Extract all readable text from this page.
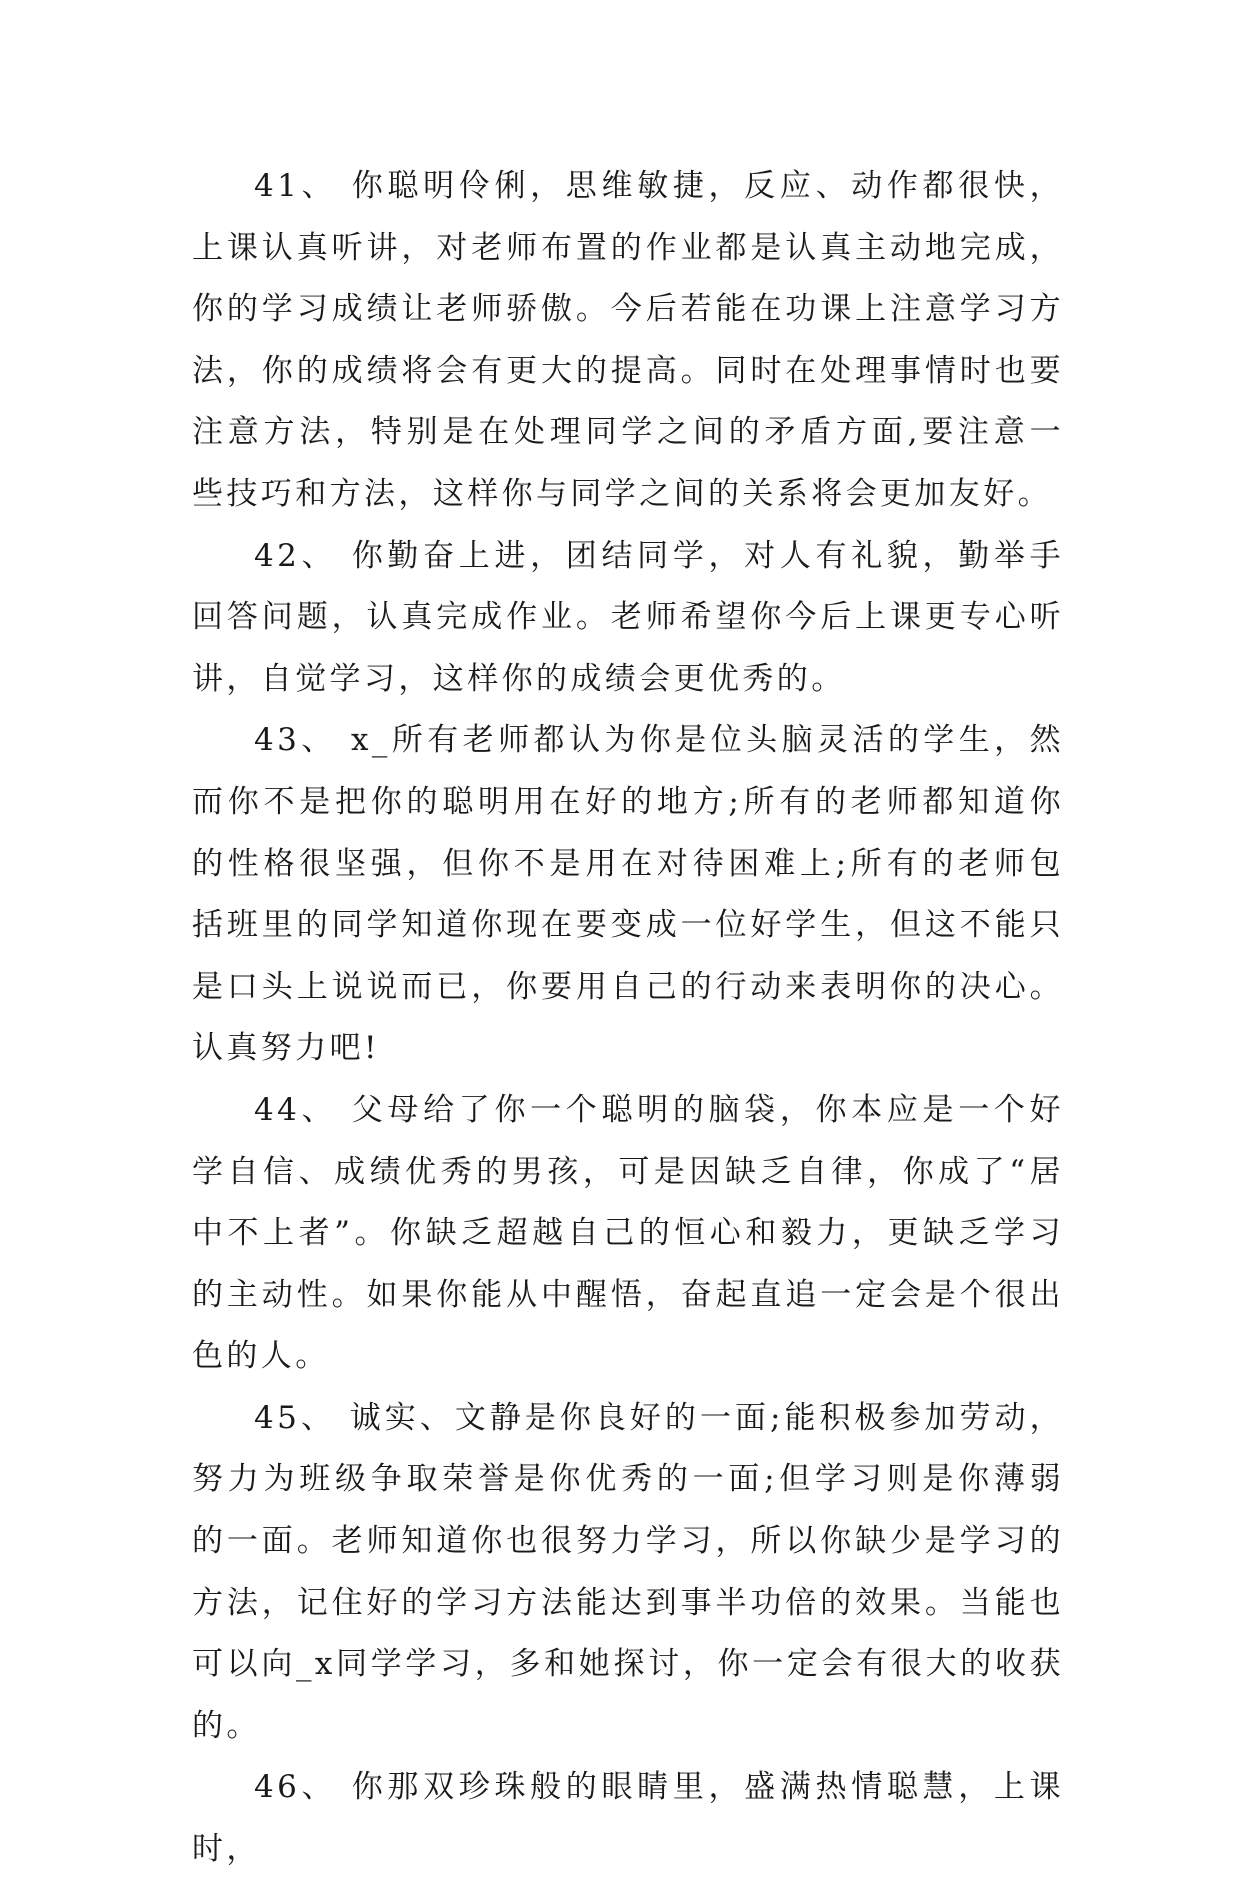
41、 你聪明伶俐，思维敏捷，反应、动作都很快，上课认真听讲，对老师布置的作业都是认真主动地完成，你的学习成绩让老师骄傲。今后若能在功课上注意学习方法，你的成绩将会有更大的提高。同时在处理事情时也要注意方法，特别是在处理同学之间的矛盾方面,要注意一些技巧和方法，这样你与同学之间的关系将会更加友好。

42、 你勤奋上进，团结同学，对人有礼貌，勤举手回答问题，认真完成作业。老师希望你今后上课更专心听讲，自觉学习，这样你的成绩会更优秀的。

43、 x_所有老师都认为你是位头脑灵活的学生，然而你不是把你的聪明用在好的地方;所有的老师都知道你的性格很坚强，但你不是用在对待困难上;所有的老师包括班里的同学知道你现在要变成一位好学生，但这不能只是口头上说说而已，你要用自己的行动来表明你的决心。认真努力吧!

44、 父母给了你一个聪明的脑袋，你本应是一个好学自信、成绩优秀的男孩，可是因缺乏自律，你成了“居中不上者”。你缺乏超越自己的恒心和毅力，更缺乏学习的主动性。如果你能从中醒悟，奋起直追一定会是个很出色的人。

45、 诚实、文静是你良好的一面;能积极参加劳动，努力为班级争取荣誉是你优秀的一面;但学习则是你薄弱的一面。老师知道你也很努力学习，所以你缺少是学习的方法，记住好的学习方法能达到事半功倍的效果。当能也可以向_x同学学习，多和她探讨，你一定会有很大的收获的。

46、 你那双珍珠般的眼睛里，盛满热情聪慧，上课时，
